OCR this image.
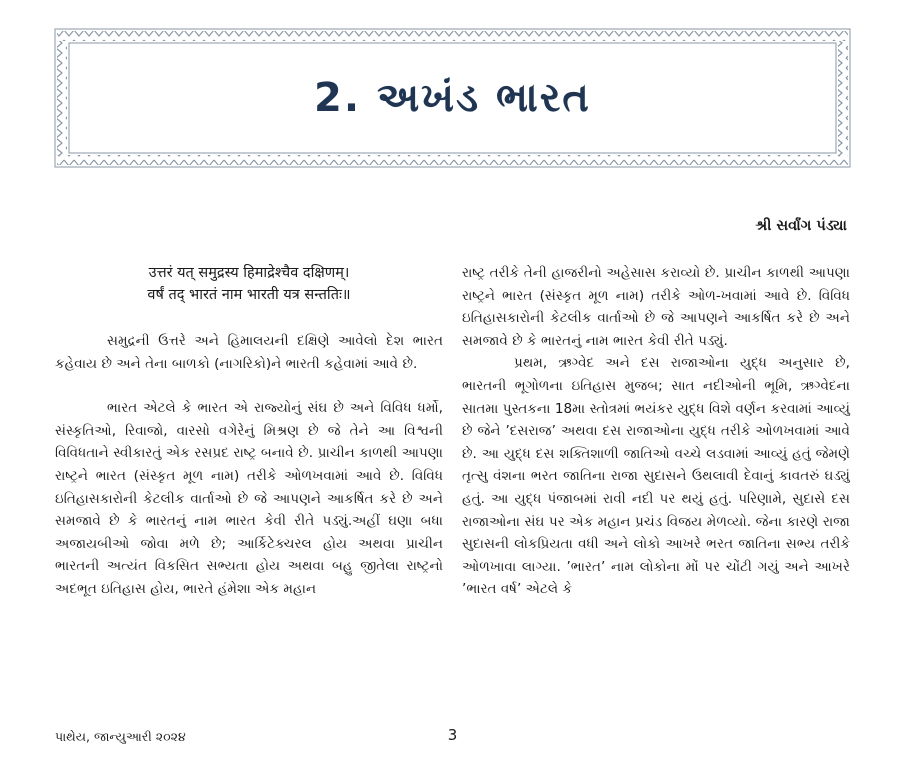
2. અખંડ ભારત
શ્રી સર્વાંગ પંડ્યા
उत्तरं यत् समुद्रस्य हिमाद्रेश्चैव दक्षिणम्।
वर्षं तद् भारतं नाम भारती यत्र सन्ततिः॥

સમુદ્રની ઉત્તરે અને હિમાલયની દક્ષિણે આવેલો દેશ ભારત કહેવાય છે અને તેના બાળકો (નાગરિકો)ને ભારતી કહેવામાં આવે છે.

ભારત એટલે કે ભારત એ રાજ્યોનું સંઘ છે અને વિવિધ ધર્મો, સંસ્કૃતિઓ, રિવાજો, વારસો વગેરેનું મિશ્રણ છે જે તેને આ વિશ્વની વિવિધતાને સ્વીકારતું એક રસપ્રદ રાષ્ટ્ર બનાવે છે. પ્રાચીન કાળથી આપણા રાષ્ટ્રને ભારત (સંસ્કૃત મૂળ નામ) તરીકે ઓળખવામાં આવે છે. વિવિધ ઇતિહાસકારોની કેટલીક વાર્તાઓ છે જે આપણને આકર્ષિત કરે છે અને સમજાવે છે કે ભારતનું નામ ભારત કેવી રીતે પડ્યું.અહીં ઘણા બધા અજાયબીઓ જોવા મળે છે; આર્કિટેક્ચરલ હોય અથવા પ્રાચીન ભારતની અત્યંત વિકસિત સભ્યતા હોય અથવા બહુ જીતેલા રાષ્ટ્રનો અદભૂત ઇતિહાસ હોય, ભારતે હંમેશા એક મહાન

રાષ્ટ્ર તરીકે તેની હાજરીનો અહેસાસ કરાવ્યો છે. પ્રાચીન કાળથી આપણા રાષ્ટ્રને ભારત (સંસ્કૃત મૂળ નામ) તરીકે ઓળ-ખવામાં આવે છે. વિવિધ ઇતિહાસકારોની કેટલીક વાર્તાઓ છે જે આપણને આકર્ષિત કરે છે અને સમજાવે છે કે ભારતનું નામ ભારત કેવી રીતે પડ્યું.

પ્રથમ, ઋગ્વેદ અને દસ રાજાઓના યુદ્ધ અનુસાર છે, ભારતની ભૂગોળના ઇતિહાસ મુજબ; સાત નદીઓની ભૂમિ, ઋગ્વેદના સાતમા પુસ્તકના 18મા સ્તોત્રમાં ભયંકર યુદ્ધ વિશે વર્ણન કરવામાં આવ્યું છે જેને ’દસરાજ’ અથવા દસ રાજાઓના યુદ્ધ તરીકે ઓળખવામાં આવે છે. આ યુદ્ધ દસ શક્તિશાળી જાતિઓ વચ્ચે લડવામાં આવ્યું હતું જેમણે તૃત્સુ વંશના ભરત જાતિના રાજા સુદાસને ઉથલાવી દેવાનું કાવતરું ઘડ્યું હતું. આ યુદ્ધ પંજાબમાં રાવી નદી પર થયું હતું. પરિણામે, સુદાસે દસ રાજાઓના સંઘ પર એક મહાન પ્રચંડ વિજય મેળવ્યો. જેના કારણે રાજા સુદાસની લોકપ્રિયતા વધી અને લોકો આખરે ભરત જાતિના સભ્ય તરીકે ઓળખાવા લાગ્યા. ’ભારત’ નામ લોકોના મોં પર ચોંટી ગયું અને આખરે ’ભારત વર્ષ’ એટલે કે

પાથેય, જાન્યુઆરી ૨૦૨૪	3
